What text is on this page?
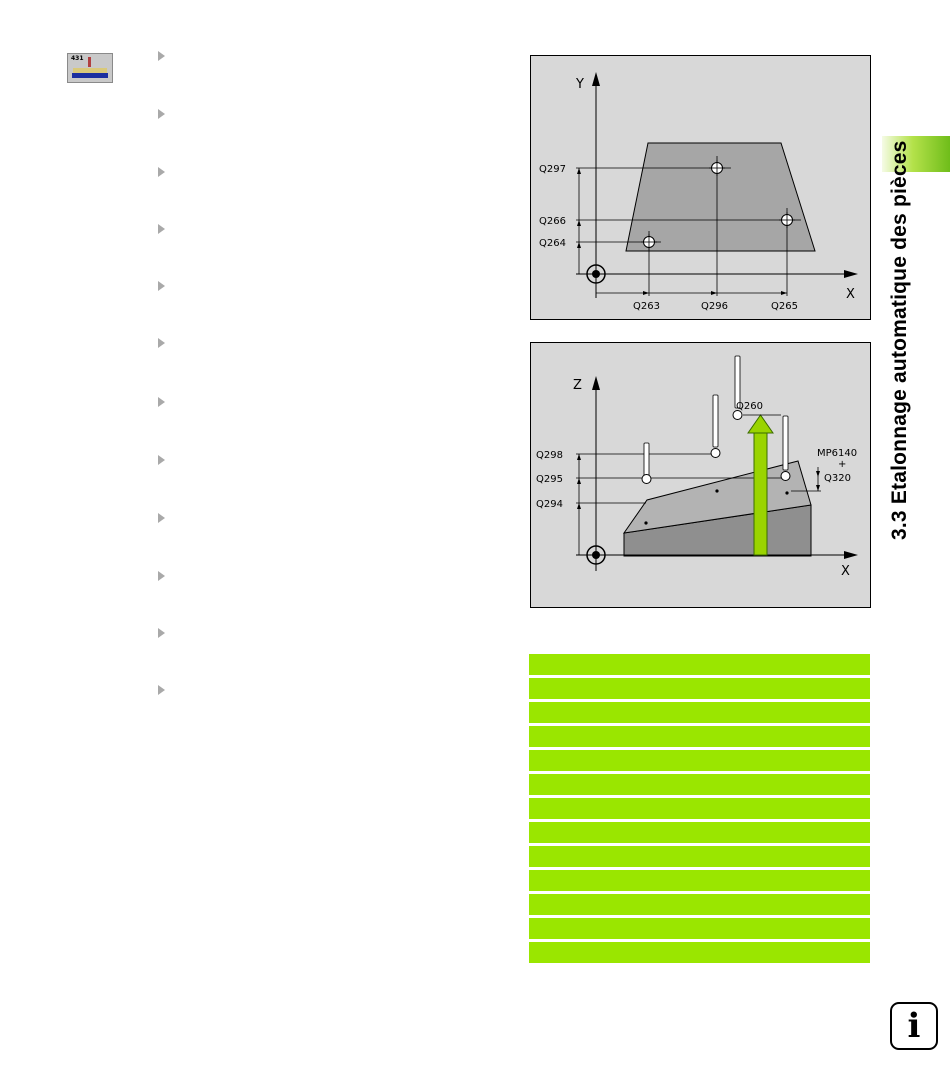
431
Y
X
Q297
Q266
Q264
Q263	Q296	Q265
Z
X
Q260
Q298
Q295
Q294
MP6140
+
Q320 3.3 Etalonnage automatique des pièces
i
